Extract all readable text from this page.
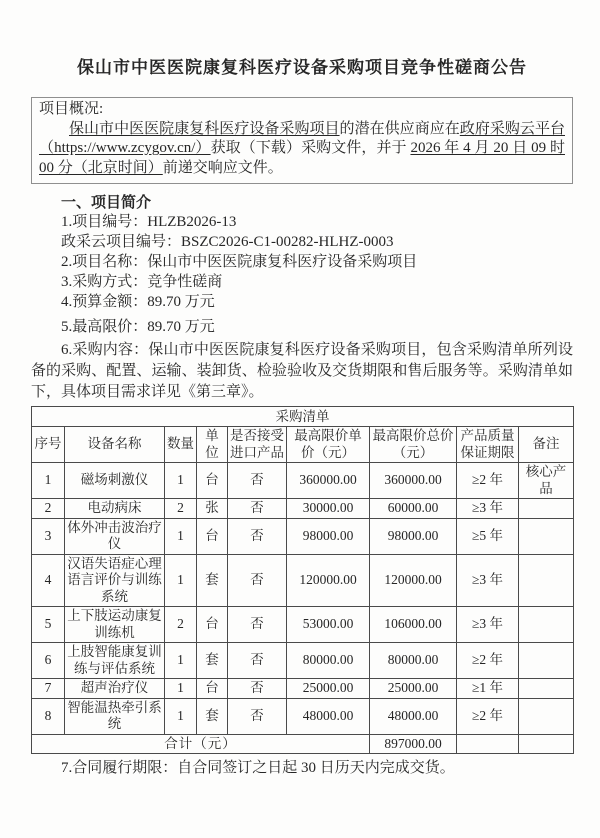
保山市中医医院康复科医疗设备采购项目竞争性磋商公告
项目概况:

保山市中医医院康复科医疗设备采购项目的潜在供应商应在政府采购云平台（https://www.zcygov.cn/）获取（下载）采购文件，并于 2026 年 4 月 20 日 09 时 00 分（北京时间）前递交响应文件。

一、项目简介
1.项目编号：HLZB2026-13
政采云项目编号：BSZC2026-C1-00282-HLHZ-0003
2.项目名称：保山市中医医院康复科医疗设备采购项目
3.采购方式：竞争性磋商
4.预算金额：89.70 万元
5.最高限价：89.70 万元

6.采购内容：保山市中医医院康复科医疗设备采购项目，包含采购清单所列设备的采购、配置、运输、装卸货、检验验收及交货期限和售后服务等。采购清单如下，具体项目需求详见《第三章》。

采购清单								
序号	设备名称	数量	单位	是否接受进口产品	最高限价单价（元）	最高限价总价（元）	产品质量保证期限	备注
1	磁场刺激仪	1	台	否	360000.00	360000.00	≥2 年	核心产品
2	电动病床	2	张	否	30000.00	60000.00	≥3 年	
3	体外冲击波治疗仪	1	台	否	98000.00	98000.00	≥5 年	
4	汉语失语症心理语言评价与训练系统	1	套	否	120000.00	120000.00	≥3 年	
5	上下肢运动康复训练机	2	台	否	53000.00	106000.00	≥3 年	
6	上肢智能康复训练与评估系统	1	套	否	80000.00	80000.00	≥2 年	
7	超声治疗仪	1	台	否	25000.00	25000.00	≥1 年	
8	智能温热牵引系统	1	套	否	48000.00	48000.00	≥2 年	
合计（元）						897000.00		

7.合同履行期限：自合同签订之日起 30 日历天内完成交货。
